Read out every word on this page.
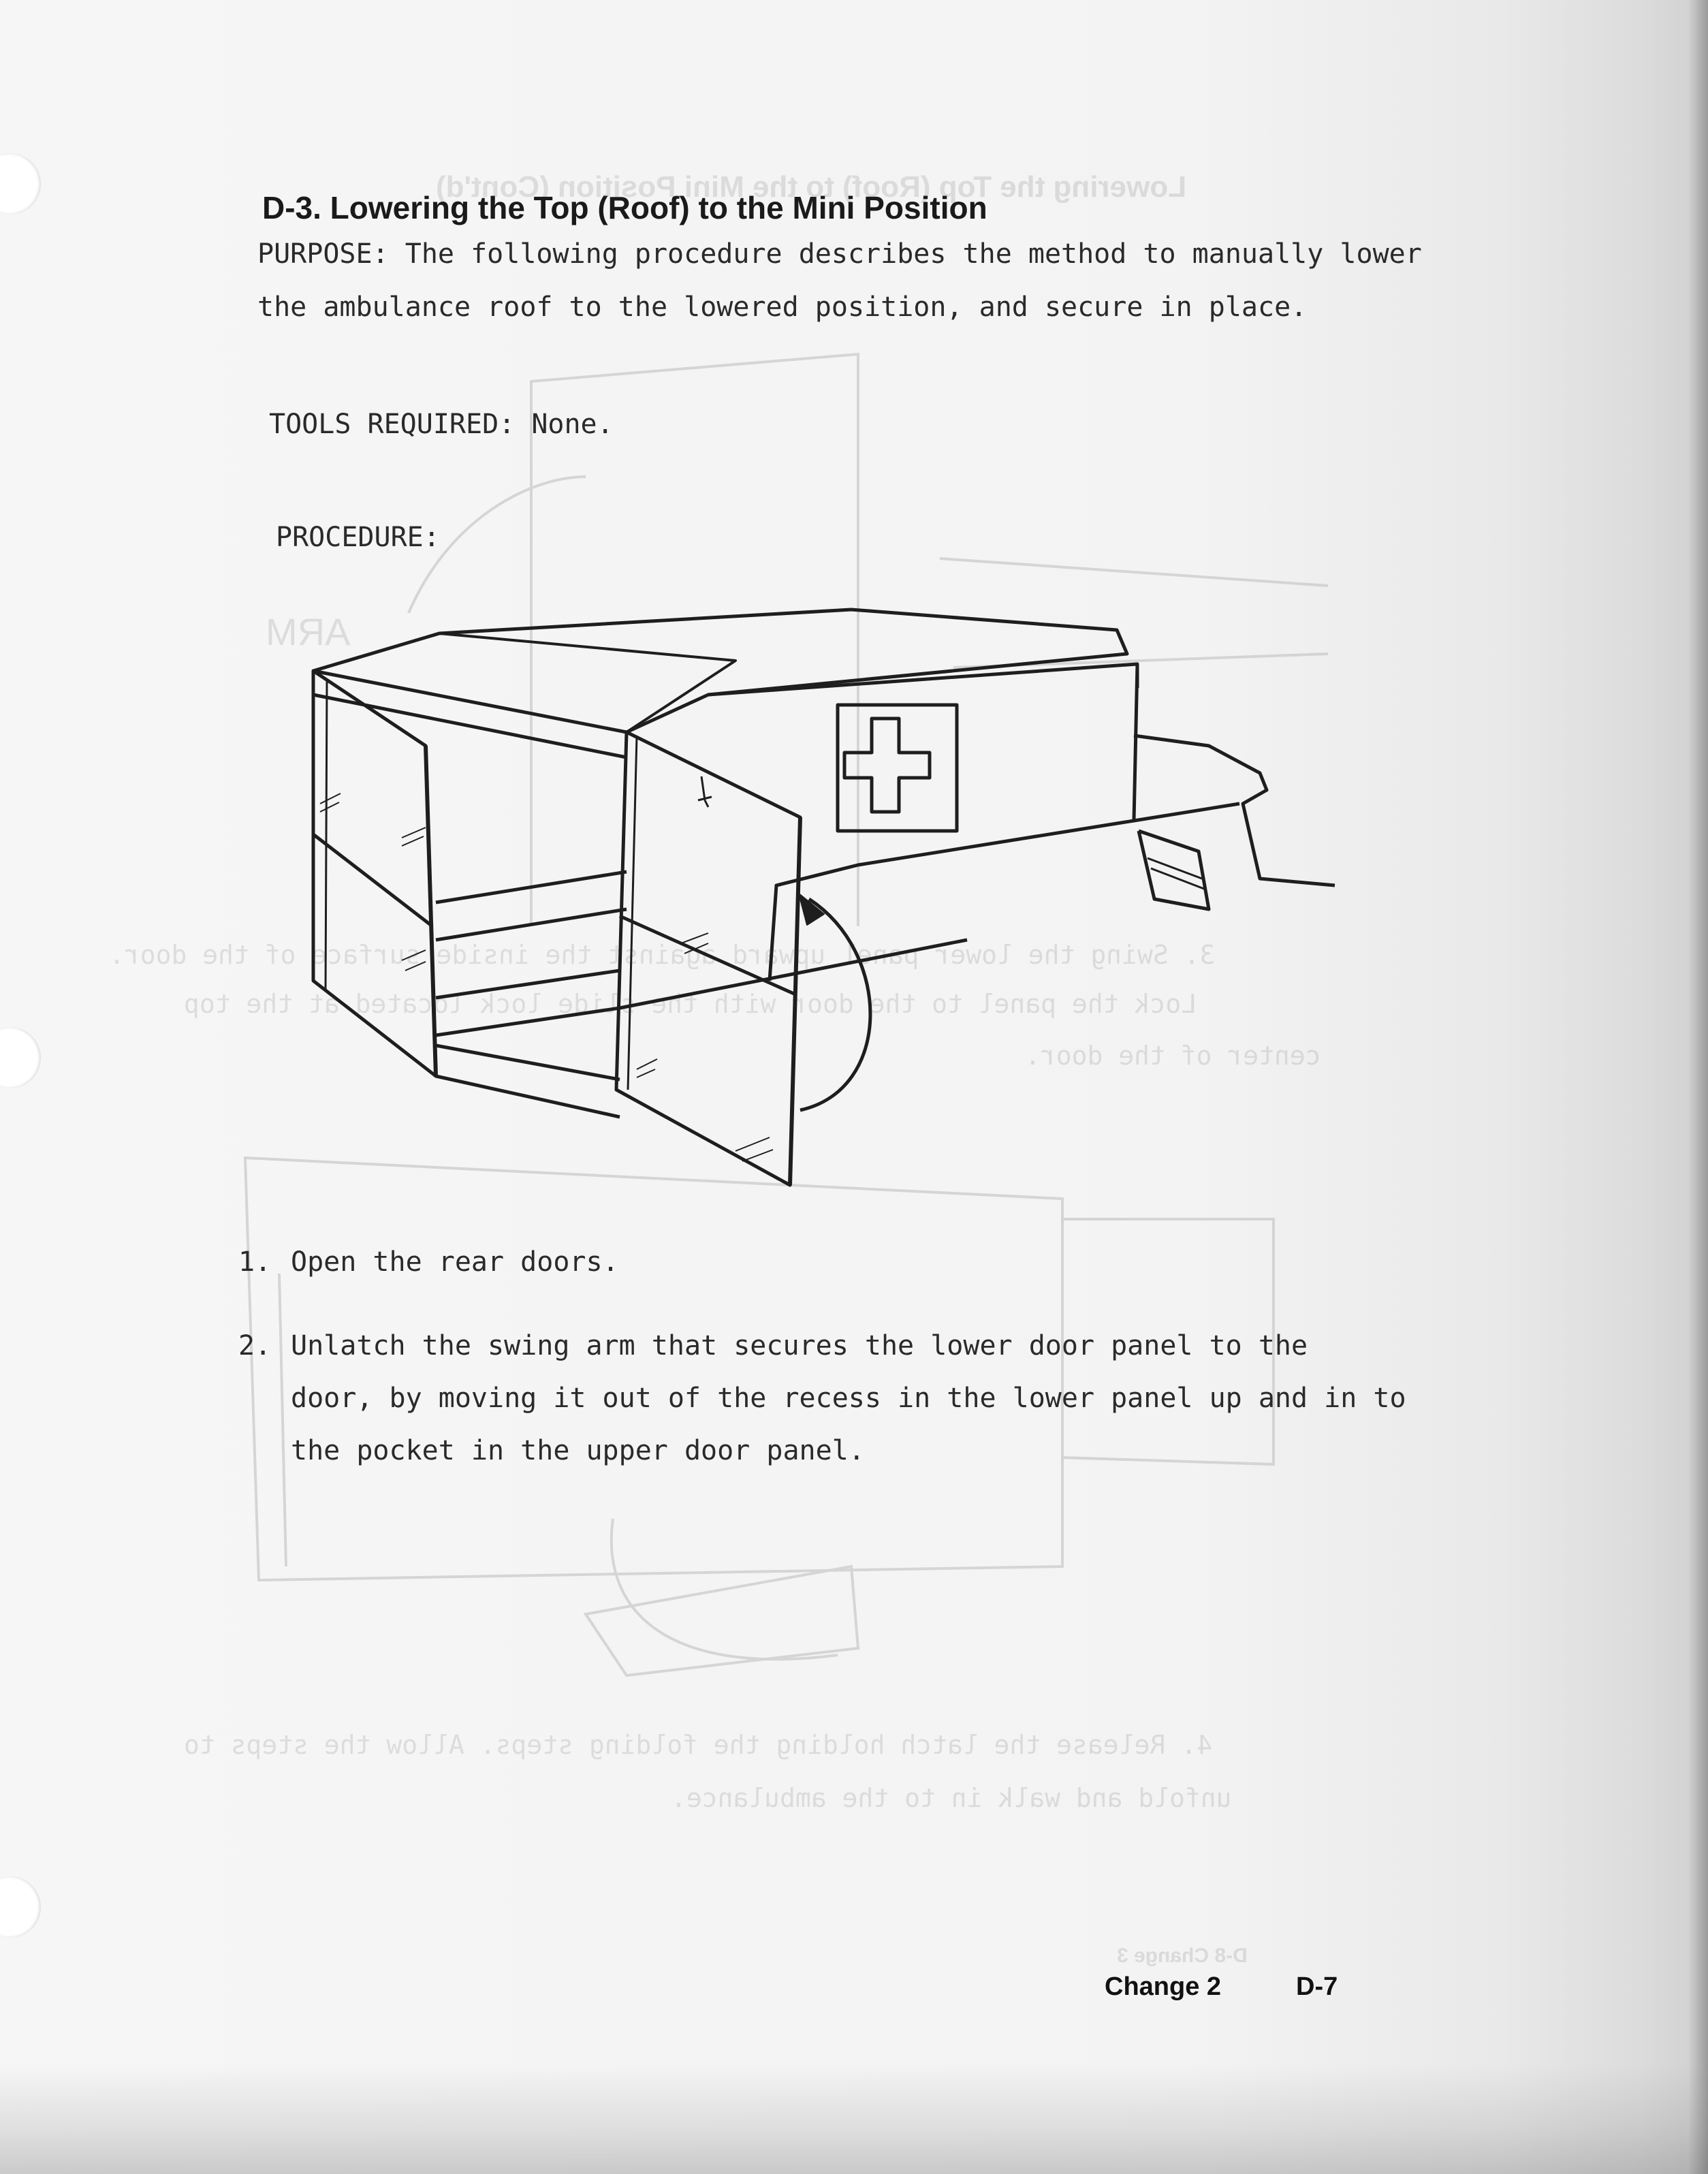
Lowering the Top (Roof) to the Mini Position (Cont'd)
ARM
3. Swing the lower panel upward against the inside surface of the door.
Lock the panel to the door with the slide lock located at the top
center of the door.
4. Release the latch holding the folding steps. Allow the steps to
unfold and walk in to the ambulance.
D-8 Change 3
D-3. Lowering the Top (Roof) to the Mini Position
PURPOSE: The following procedure describes the method to manually lower
the ambulance roof to the lowered position, and secure in place.
TOOLS REQUIRED: None.
PROCEDURE:
1. Open the rear doors.
2. Unlatch the swing arm that secures the lower door panel to the
door, by moving it out of the recess in the lower panel up and in to
the pocket in the upper door panel.
Change 2	D-7
